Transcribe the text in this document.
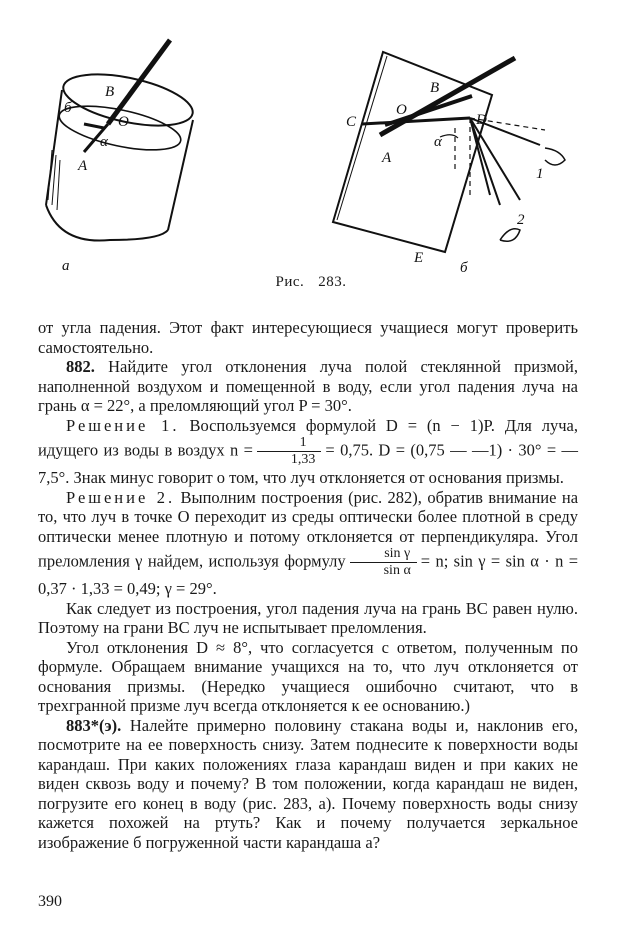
B
б
O
α
A
a
B
O
C	D
A
α
E
1
2
б
Рис. 283.

от угла падения. Этот факт интересующиеся учащиеся могут проверить самостоятельно.

882. Найдите угол отклонения луча полой стеклянной призмой, наполненной воздухом и помещенной в воду, если угол падения луча на грань α = 22°, а преломляющий угол P = 30°.

Решение 1. Воспользуемся формулой D = (n − 1)P. Для луча, идущего из воды в воздух $n = \frac{1}{1,33} = 0,75$. D = (0,75 — —1) · 30° = —7,5°. Знак минус говорит о том, что луч отклоняется от основания призмы.

Решение 2. Выполним построения (рис. 282), обратив внимание на то, что луч в точке O переходит из среды оптически более плотной в среду оптически менее плотную и потому отклоняется от перпендикуляра. Угол преломления γ найдем, используя формулу $\frac{\text{sin γ}}{\text{sin α}} = n$; sin γ = sin α · n = 0,37 · 1,33 = 0,49; γ = 29°.

Как следует из построения, угол падения луча на грань BC равен нулю. Поэтому на грани BC луч не испытывает преломления.

Угол отклонения D ≈ 8°, что согласуется с ответом, полученным по формуле. Обращаем внимание учащихся на то, что луч отклоняется от основания призмы. (Нередко учащиеся ошибочно считают, что в трехгранной призме луч всегда отклоняется к ее основанию.)

883*(э). Налейте примерно половину стакана воды и, наклонив его, посмотрите на ее поверхность снизу. Затем поднесите к поверхности воды карандаш. При каких положениях глаза карандаш виден и при каких не виден сквозь воду и почему? В том положении, когда карандаш не виден, погрузите его конец в воду (рис. 283, a). Почему поверхность воды снизу кажется похожей на ртуть? Как и почему получается зеркальное изображение б погруженной части карандаша a?

390
